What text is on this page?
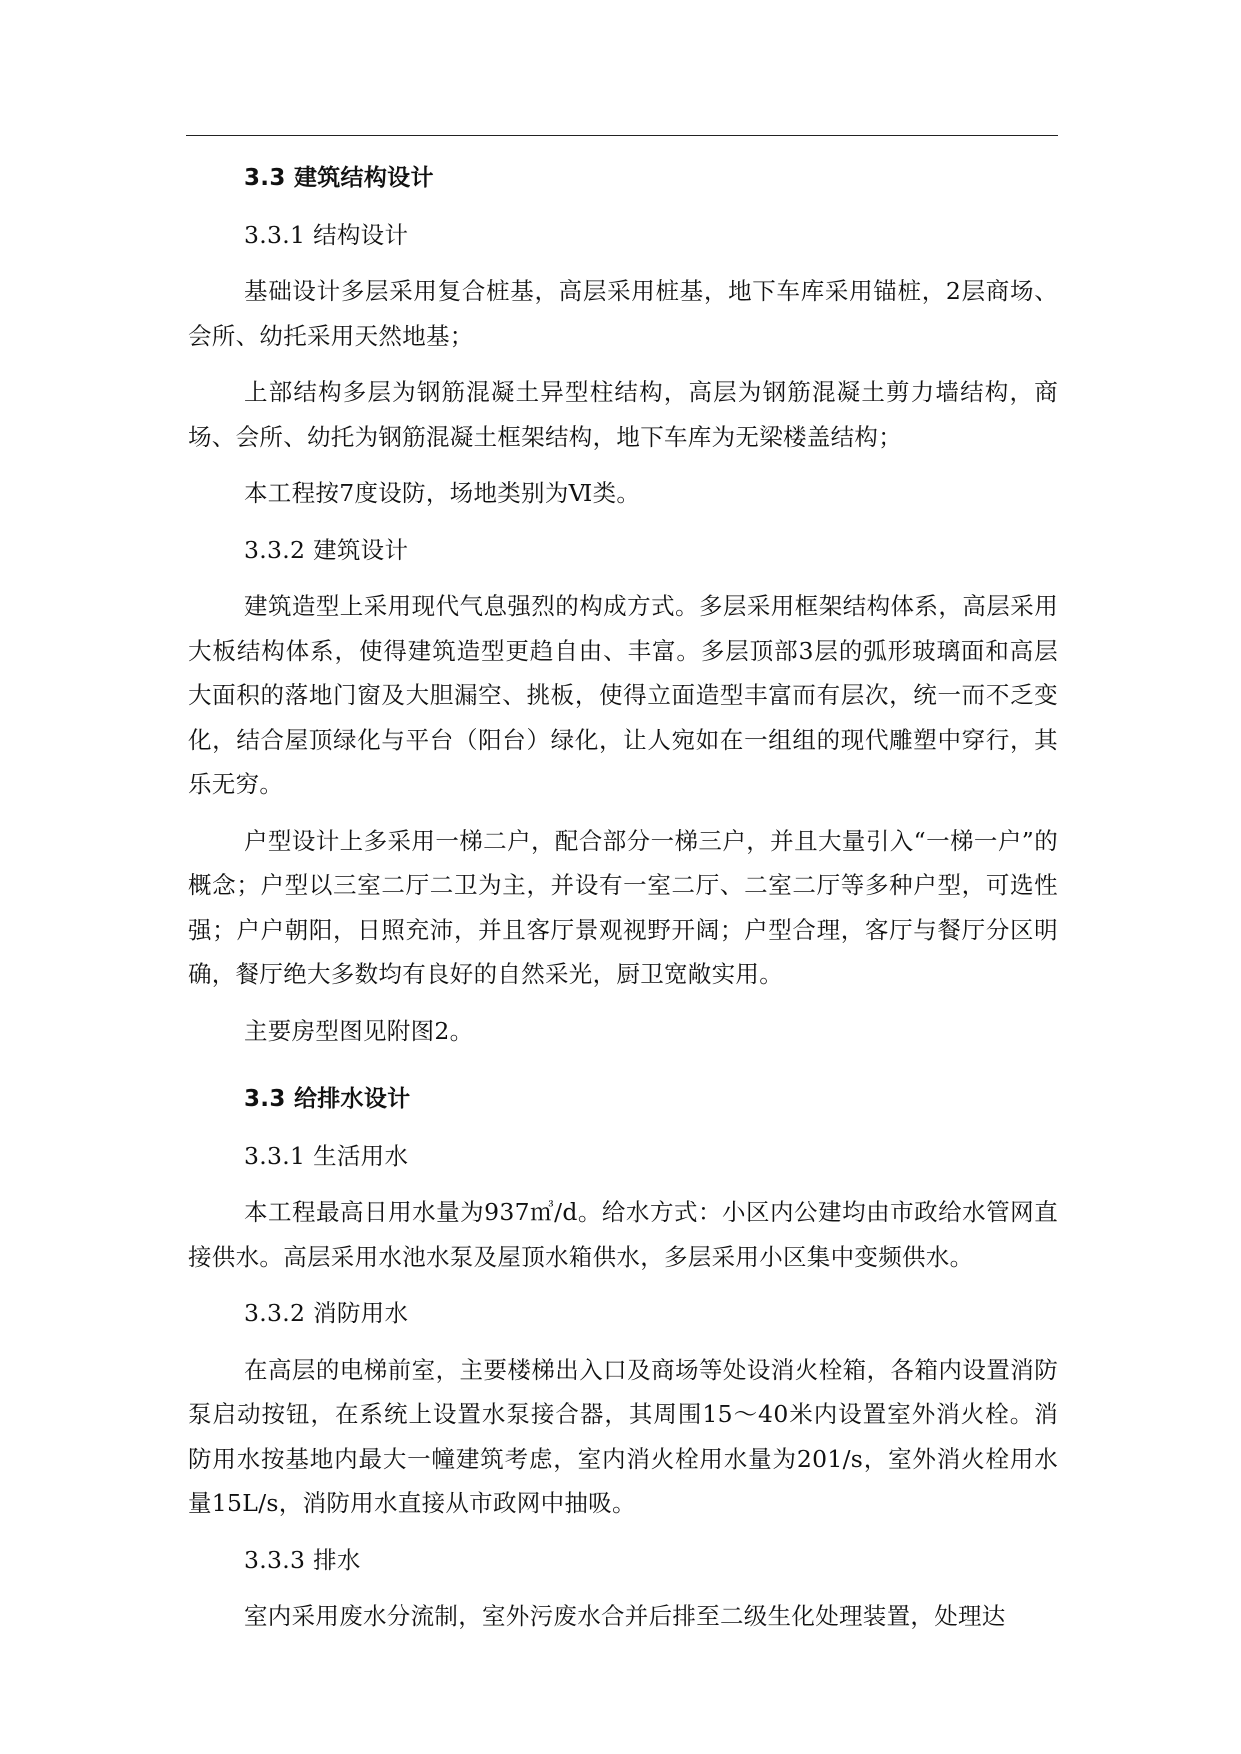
3.3 建筑结构设计

3.3.1 结构设计

基础设计多层采用复合桩基，高层采用桩基，地下车库采用锚桩，2层商场、会所、幼托采用天然地基；

上部结构多层为钢筋混凝土异型柱结构，高层为钢筋混凝土剪力墙结构，商场、会所、幼托为钢筋混凝土框架结构，地下车库为无梁楼盖结构；

本工程按7度设防，场地类别为Ⅵ类。

3.3.2 建筑设计

建筑造型上采用现代气息强烈的构成方式。多层采用框架结构体系，高层采用大板结构体系，使得建筑造型更趋自由、丰富。多层顶部3层的弧形玻璃面和高层大面积的落地门窗及大胆漏空、挑板，使得立面造型丰富而有层次，统一而不乏变化，结合屋顶绿化与平台（阳台）绿化，让人宛如在一组组的现代雕塑中穿行，其乐无穷。

户型设计上多采用一梯二户，配合部分一梯三户，并且大量引入“一梯一户”的概念；户型以三室二厅二卫为主，并设有一室二厅、二室二厅等多种户型，可选性强；户户朝阳，日照充沛，并且客厅景观视野开阔；户型合理，客厅与餐厅分区明确，餐厅绝大多数均有良好的自然采光，厨卫宽敞实用。

主要房型图见附图2。

3.3 给排水设计

3.3.1 生活用水

本工程最高日用水量为937㎥/d。给水方式：小区内公建均由市政给水管网直接供水。高层采用水池水泵及屋顶水箱供水，多层采用小区集中变频供水。

3.3.2 消防用水

在高层的电梯前室，主要楼梯出入口及商场等处设消火栓箱，各箱内设置消防泵启动按钮，在系统上设置水泵接合器，其周围15～40米内设置室外消火栓。消防用水按基地内最大一幢建筑考虑，室内消火栓用水量为201/s，室外消火栓用水量15L/s，消防用水直接从市政网中抽吸。

3.3.3 排水

室内采用废水分流制，室外污废水合并后排至二级生化处理装置，处理达
